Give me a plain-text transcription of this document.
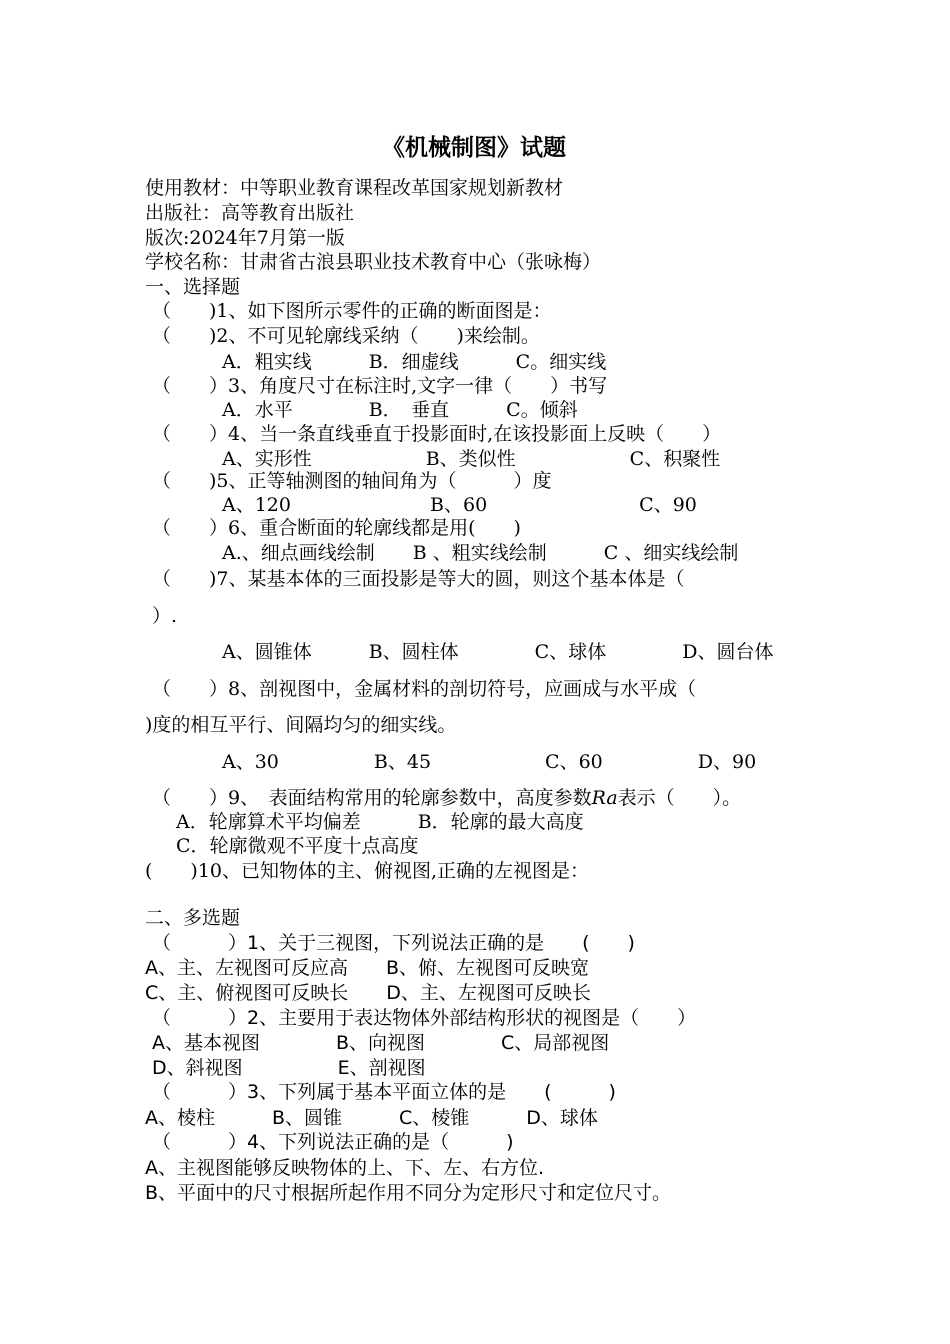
《机械制图》试题
使用教材：中等职业教育课程改革国家规划新教材
出版社：高等教育出版社
版次:2024年7月第一版
学校名称：甘肃省古浪县职业技术教育中心（张咏梅）
一、选择题
（　　)1、如下图所示零件的正确的断面图是：
（　　)2、不可见轮廓线采纳（　　)来绘制。
A．粗实线　　　B．细虚线　　　C。细实线
（　　）3、角度尺寸在标注时,文字一律（　　）书写
A．水平　　　　B．　垂直　　　C。倾斜
（　　）4、当一条直线垂直于投影面时,在该投影面上反映（　　）
A、实形性　　　　　　B、类似性　　　　　　C、积聚性
（　　)5、正等轴测图的轴间角为（　　　）度
A、120　　　　　　　 B、60　　　　　　　　C、90
（　　）6、重合断面的轮廓线都是用(　　)
A.、细点画线绘制　　B 、粗实线绘制　　　C 、细实线绘制
（　　)7、某基本体的三面投影是等大的圆，则这个基本体是（
）.
A、圆锥体　　　B、圆柱体　　　　C、球体　　　　D、圆台体
（　　）8、剖视图中，金属材料的剖切符号，应画成与水平成（
)度的相互平行、间隔均匀的细实线。
A、30　　　　　B、45　　　　　　C、60　　　　　D、90
（　　）9、　表面结构常用的轮廓参数中，高度参数Ra表示（　　）。
A．轮廓算术平均偏差　　　B．轮廓的最大高度
C．轮廓微观不平度十点高度
(　　)10、已知物体的主、俯视图,正确的左视图是：
二、多选题
（　　　）1、关于三视图，下列说法正确的是　　(　　)
A、主、左视图可反应高　　B、俯、左视图可反映宽
C、主、俯视图可反映长　　D、主、左视图可反映长
（　　　）2、主要用于表达物体外部结构形状的视图是（　　）
A、基本视图　　　　B、向视图　　　　C、局部视图
D、斜视图　　　　　E、剖视图
（　　　）3、下列属于基本平面立体的是　　(　　　)
A、棱柱　　　B、圆锥　　　C、棱锥　　　D、球体
（　　　）4、下列说法正确的是（　　　)
A、主视图能够反映物体的上、下、左、右方位.
B、平面中的尺寸根据所起作用不同分为定形尺寸和定位尺寸。
